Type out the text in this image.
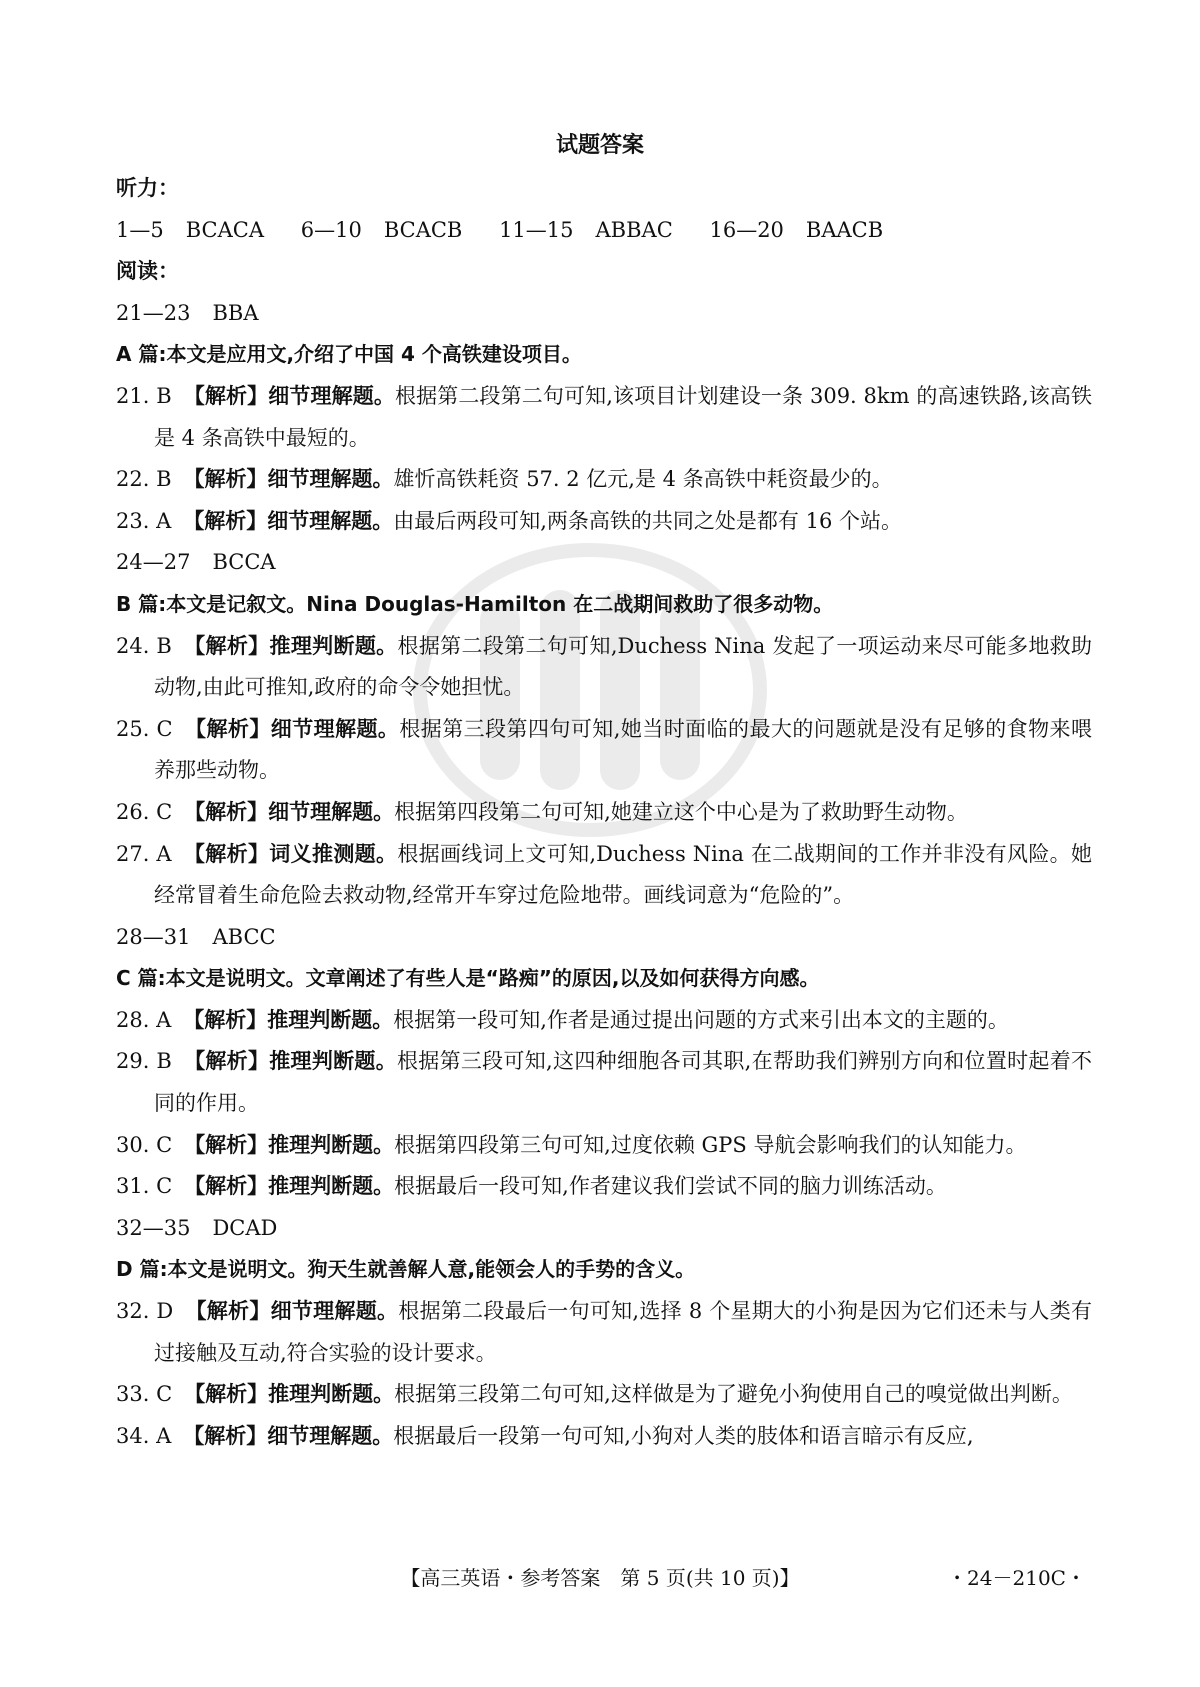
试题答案
听力：
1—5 BCACA 6—10 BCACB 11—15 ABBAC 16—20 BAACB
阅读：
21—23 BBA
A 篇:本文是应用文,介绍了中国 4 个高铁建设项目。
21. B 【解析】细节理解题。根据第二段第二句可知,该项目计划建设一条 309. 8km 的高速铁路,该高铁是 4 条高铁中最短的。
22. B 【解析】细节理解题。雄忻高铁耗资 57. 2 亿元,是 4 条高铁中耗资最少的。
23. A 【解析】细节理解题。由最后两段可知,两条高铁的共同之处是都有 16 个站。
24—27 BCCA
B 篇:本文是记叙文。Nina Douglas-Hamilton 在二战期间救助了很多动物。
24. B 【解析】推理判断题。根据第二段第二句可知,Duchess Nina 发起了一项运动来尽可能多地救助动物,由此可推知,政府的命令令她担忧。
25. C 【解析】细节理解题。根据第三段第四句可知,她当时面临的最大的问题就是没有足够的食物来喂养那些动物。
26. C 【解析】细节理解题。根据第四段第二句可知,她建立这个中心是为了救助野生动物。
27. A 【解析】词义推测题。根据画线词上文可知,Duchess Nina 在二战期间的工作并非没有风险。她经常冒着生命危险去救动物,经常开车穿过危险地带。画线词意为“危险的”。
28—31 ABCC
C 篇:本文是说明文。文章阐述了有些人是“路痴”的原因,以及如何获得方向感。
28. A 【解析】推理判断题。根据第一段可知,作者是通过提出问题的方式来引出本文的主题的。
29. B 【解析】推理判断题。根据第三段可知,这四种细胞各司其职,在帮助我们辨别方向和位置时起着不同的作用。
30. C 【解析】推理判断题。根据第四段第三句可知,过度依赖 GPS 导航会影响我们的认知能力。
31. C 【解析】推理判断题。根据最后一段可知,作者建议我们尝试不同的脑力训练活动。
32—35 DCAD
D 篇:本文是说明文。狗天生就善解人意,能领会人的手势的含义。
32. D 【解析】细节理解题。根据第二段最后一句可知,选择 8 个星期大的小狗是因为它们还未与人类有过接触及互动,符合实验的设计要求。
33. C 【解析】推理判断题。根据第三段第二句可知,这样做是为了避免小狗使用自己的嗅觉做出判断。
34. A 【解析】细节理解题。根据最后一段第一句可知,小狗对人类的肢体和语言暗示有反应,
【高三英语・参考答案　第 5 页(共 10 页)】	・24－210C・
